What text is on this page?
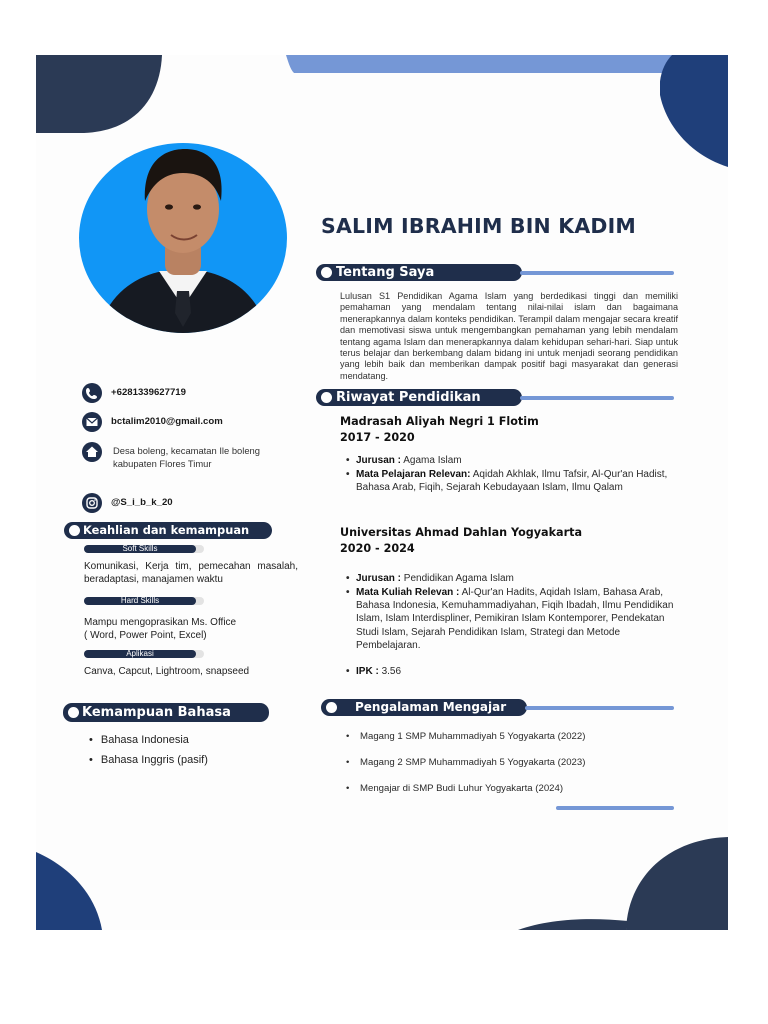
SALIM IBRAHIM BIN KADIM
Tentang Saya
Lulusan S1 Pendidikan Agama Islam yang berdedikasi tinggi dan memiliki pemahaman yang mendalam tentang nilai-nilai islam dan bagaimana menerapkannya dalam konteks pendidikan. Terampil dalam mengajar secara kreatif dan memotivasi siswa untuk mengembangkan pemahaman yang lebih mendalam tentang agama Islam dan menerapkannya dalam kehidupan sehari-hari. Siap untuk terus belajar dan berkembang dalam bidang ini untuk menjadi seorang pendidikan yang lebih baik dan memberikan dampak positif bagi masyarakat dan generasi mendatang.
Riwayat Pendidikan
Madrasah Aliyah Negri 1 Flotim
2017 - 2020
• Jurusan : Agama Islam
• Mata Pelajaran Relevan: Aqidah Akhlak, Ilmu Tafsir, Al-Qur'an Hadist, Bahasa Arab, Fiqih, Sejarah Kebudayaan Islam, Ilmu Qalam
Universitas Ahmad Dahlan Yogyakarta
2020 - 2024
• Jurusan : Pendidikan Agama Islam
• Mata Kuliah Relevan : Al-Qur'an Hadits, Aqidah Islam, Bahasa Arab, Bahasa Indonesia, Kemuhammadiyahan, Fiqih Ibadah, Ilmu Pendidikan Islam, Islam Interdispliner, Pemikiran Islam Kontemporer, Pendekatan Studi Islam, Sejarah Pendidikan Islam, Strategi dan Metode Pembelajaran.
• IPK : 3.56
Pengalaman Mengajar
•	Magang 1 SMP Muhammadiyah 5 Yogyakarta (2022)
•	Magang 2 SMP Muhammadiyah 5 Yogyakarta (2023)
•	Mengajar di SMP Budi Luhur Yogyakarta (2024)
+6281339627719
bctalim2010@gmail.com
Desa boleng, kecamatan Ile boleng
kabupaten Flores Timur
@S_i_b_k_20
Keahlian dan kemampuan
Soft Skills
Komunikasi, Kerja tim, pemecahan masalah, beradaptasi, manajamen waktu
Hard Skills
Mampu mengoprasikan Ms. Office
( Word, Power Point, Excel)
Aplikasi
Canva, Capcut, Lightroom, snapseed
Kemampuan Bahasa
• Bahasa Indonesia
• Bahasa Inggris (pasif)
